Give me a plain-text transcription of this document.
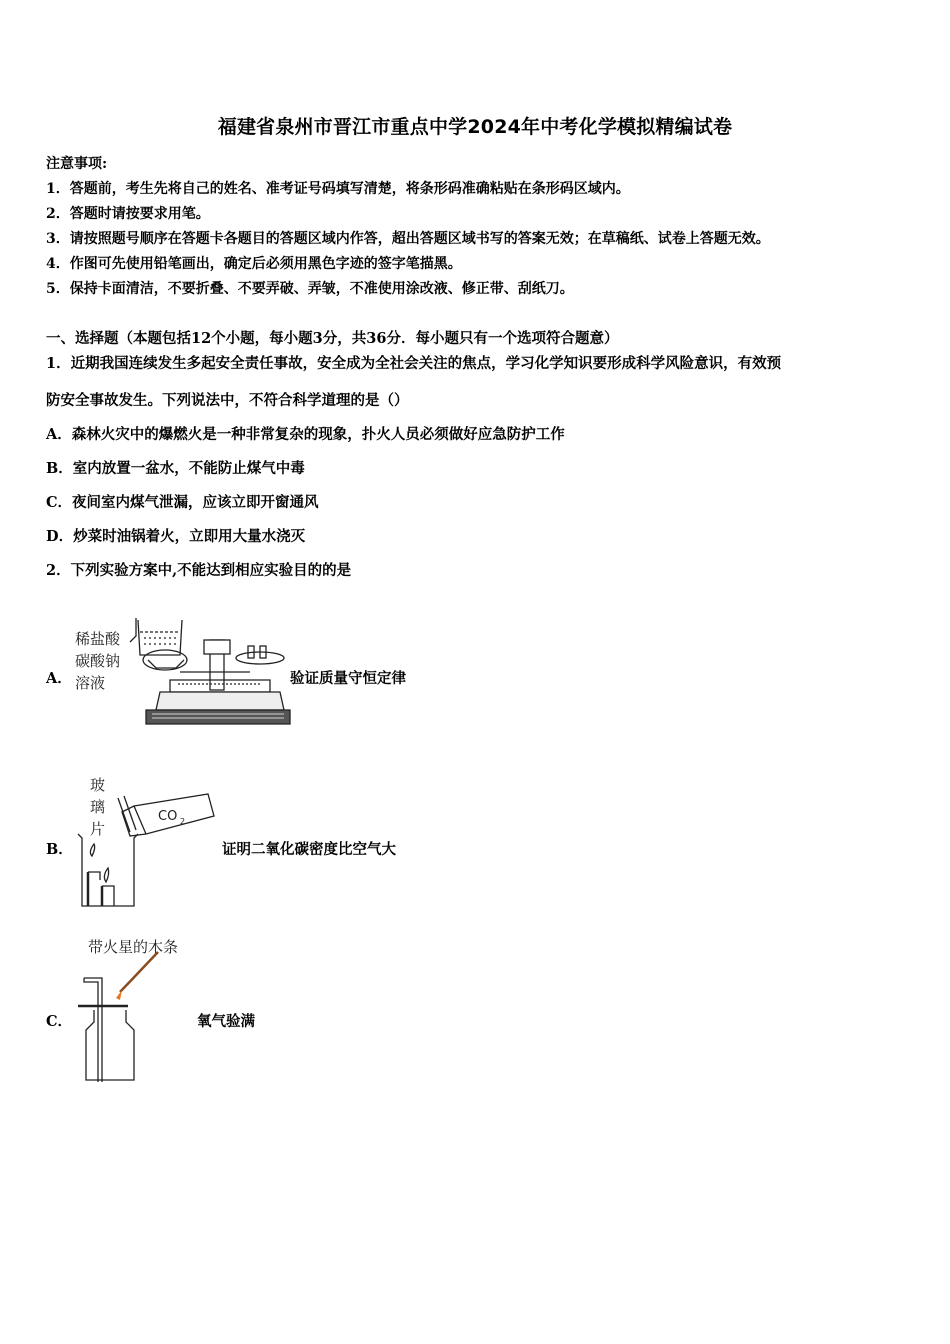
福建省泉州市晋江市重点中学2024年中考化学模拟精编试卷
注意事项:
1．答题前，考生先将自己的姓名、准考证号码填写清楚，将条形码准确粘贴在条形码区域内。
2．答题时请按要求用笔。
3．请按照题号顺序在答题卡各题目的答题区域内作答，超出答题区域书写的答案无效；在草稿纸、试卷上答题无效。
4．作图可先使用铅笔画出，确定后必须用黑色字迹的签字笔描黑。
5．保持卡面清洁，不要折叠、不要弄破、弄皱，不准使用涂改液、修正带、刮纸刀。
一、选择题（本题包括12个小题，每小题3分，共36分．每小题只有一个选项符合题意）
1．近期我国连续发生多起安全责任事故，安全成为全社会关注的焦点，学习化学知识要形成科学风险意识，有效预
防安全事故发生。下列说法中，不符合科学道理的是（）
A．森林火灾中的爆燃火是一种非常复杂的现象，扑火人员必须做好应急防护工作
B．室内放置一盆水，不能防止煤气中毒
C．夜间室内煤气泄漏，应该立即开窗通风
D．炒菜时油锅着火，立即用大量水浇灭
2．下列实验方案中,不能达到相应实验目的的是
A．	验证质量守恒定律
稀盐酸
碳酸钠
溶液
B．	证明二氧化碳密度比空气大
玻
璃
片
CO 2
C．	氧气验满
带火星的木条
